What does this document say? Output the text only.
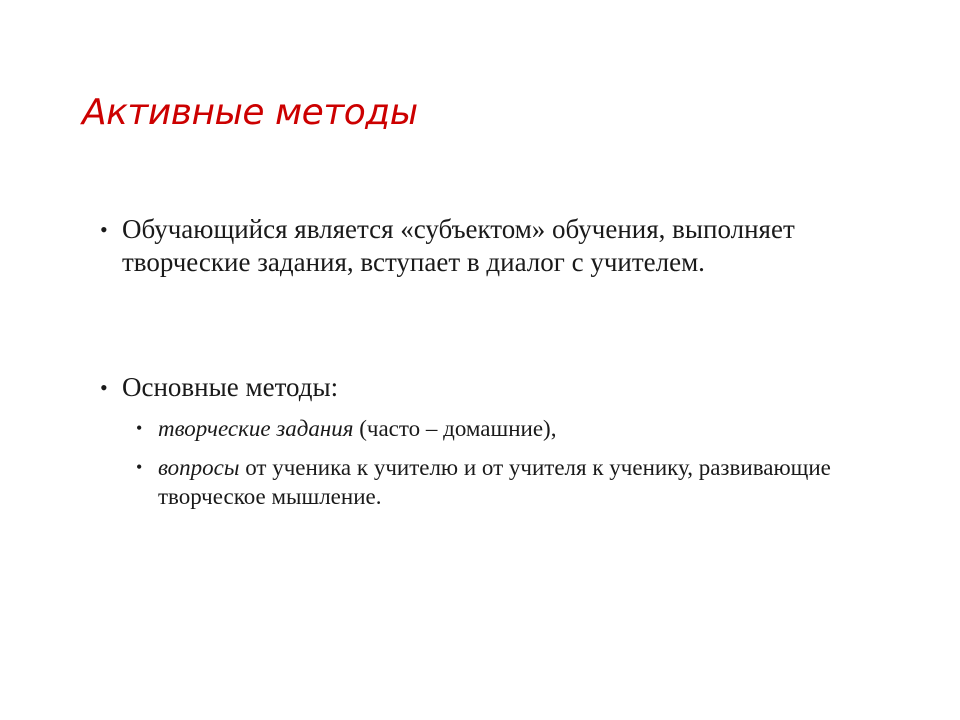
Активные методы
• Обучающийся является «субъектом» обучения, выполняет творческие задания, вступает в диалог с учителем.
• Основные методы:
• творческие задания (часто – домашние),
• вопросы от ученика к учителю и от учителя к ученику, развивающие творческое мышление.
